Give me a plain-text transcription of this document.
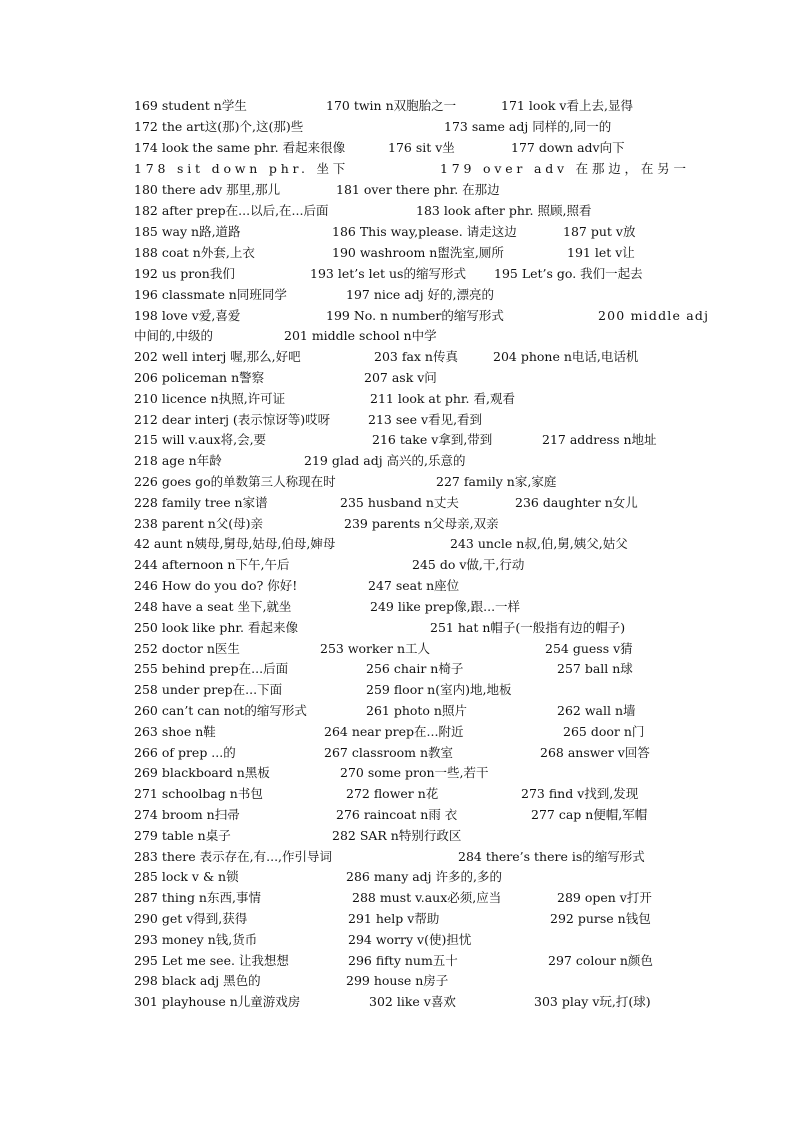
169 student n学生	170 twin n双胞胎之一	171 look v看上去,显得
172 the art这(那)个,这(那)些	173 same adj 同样的,同一的
174 look the same phr. 看起来很像	176 sit v坐	177 down adv向下
178 sit down phr. 坐下	179 over adv 在那边，在另一
180 there adv 那里,那儿	181 over there phr. 在那边
182 after prep在...以后,在...后面	183 look after phr. 照顾,照看
185 way n路,道路	186 This way,please. 请走这边	187 put v放
188 coat n外套,上衣	190 washroom n盥洗室,厕所	191 let v让
192 us pron我们	193 let’s let us的缩写形式 195 Let’s go. 我们一起去
196 classmate n同班同学	197 nice adj 好的,漂亮的
198 love v爱,喜爱	199 No. n number的缩写形式	200 middle adj
中间的,中级的	201 middle school n中学
202 well interj 喔,那么,好吧	203 fax n传真	204 phone n电话,电话机
206 policeman n警察	207 ask v问
210 licence n执照,许可证	211 look at phr. 看,观看
212 dear interj (表示惊讶等)哎呀	213 see v看见,看到
215 will v.aux将,会,要	216 take v拿到,带到	217 address n地址
218 age n年龄	219 glad adj 高兴的,乐意的
226 goes go的单数第三人称现在时	227 family n家,家庭
228 family tree n家谱	235 husband n丈夫	236 daughter n女儿
238 parent n父(母)亲	239 parents n父母亲,双亲
42 aunt n姨母,舅母,姑母,伯母,婶母	243 uncle n叔,伯,舅,姨父,姑父
244 afternoon n下午,午后	245 do v做,干,行动
246 How do you do? 你好!	247 seat n座位
248 have a seat 坐下,就坐	249 like prep像,跟...一样
250 look like phr. 看起来像	251 hat n帽子(一般指有边的帽子)
252 doctor n医生	253 worker n工人	254 guess v猜
255 behind prep在...后面	256 chair n椅子	257 ball n球
258 under prep在...下面	259 floor n(室内)地,地板
260 can’t can not的缩写形式	261 photo n照片	262 wall n墙
263 shoe n鞋	264 near prep在...附近	265 door n门
266 of prep ...的	267 classroom n教室	268 answer v回答
269 blackboard n黑板	270 some pron一些,若干
271 schoolbag n书包	272 flower n花	273 find v找到,发现
274 broom n扫帚	276 raincoat n雨 衣	277 cap n便帽,军帽
279 table n桌子	282 SAR n特别行政区
283 there 表示存在,有...,作引导词	284 there’s there is的缩写形式
285 lock v & n锁	286 many adj 许多的,多的
287 thing n东西,事情	288 must v.aux必须,应当	289 open v打开
290 get v得到,获得	291 help v帮助	292 purse n钱包
293 money n钱,货币	294 worry v(使)担忧
295 Let me see. 让我想想	296 fifty num五十	297 colour n颜色
298 black adj 黑色的	299 house n房子
301 playhouse n儿童游戏房	302 like v喜欢	303 play v玩,打(球)
